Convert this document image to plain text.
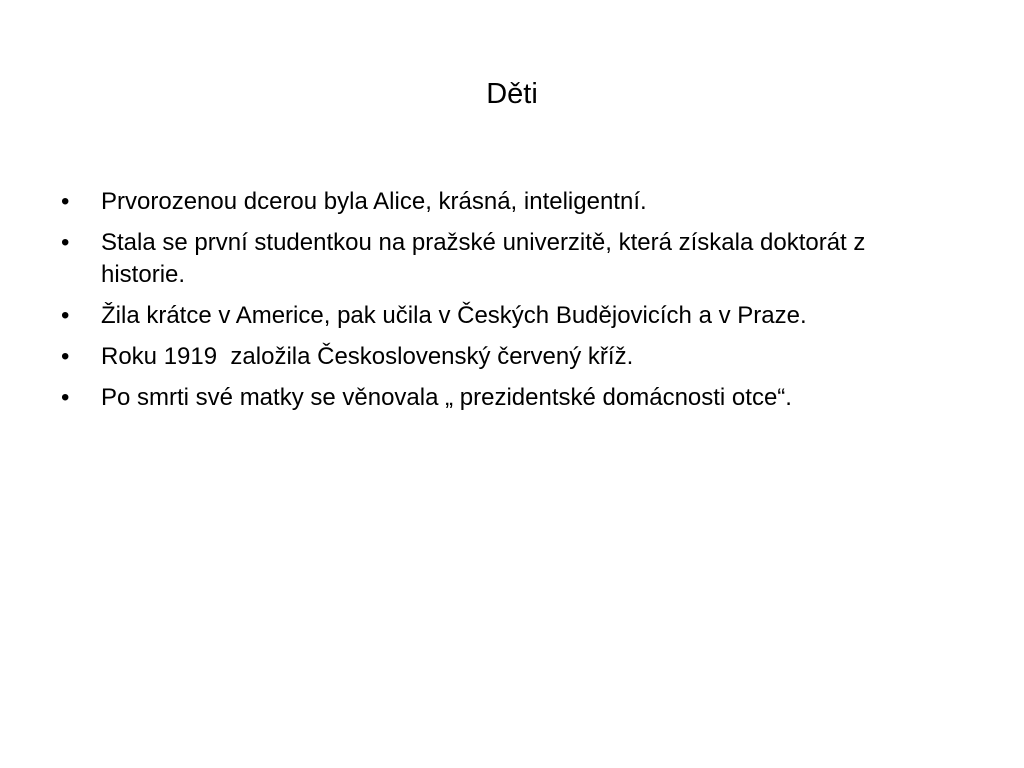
Děti
•	Prvorozenou dcerou byla Alice, krásná, inteligentní.
•	Stala se první studentkou na pražské univerzitě, která získala doktorát z historie.
•	Žila krátce v Americe, pak učila v Českých Budějovicích a v Praze.
•	Roku 1919  založila Československý červený kříž.
•	Po smrti své matky se věnovala „ prezidentské domácnosti otce“.
